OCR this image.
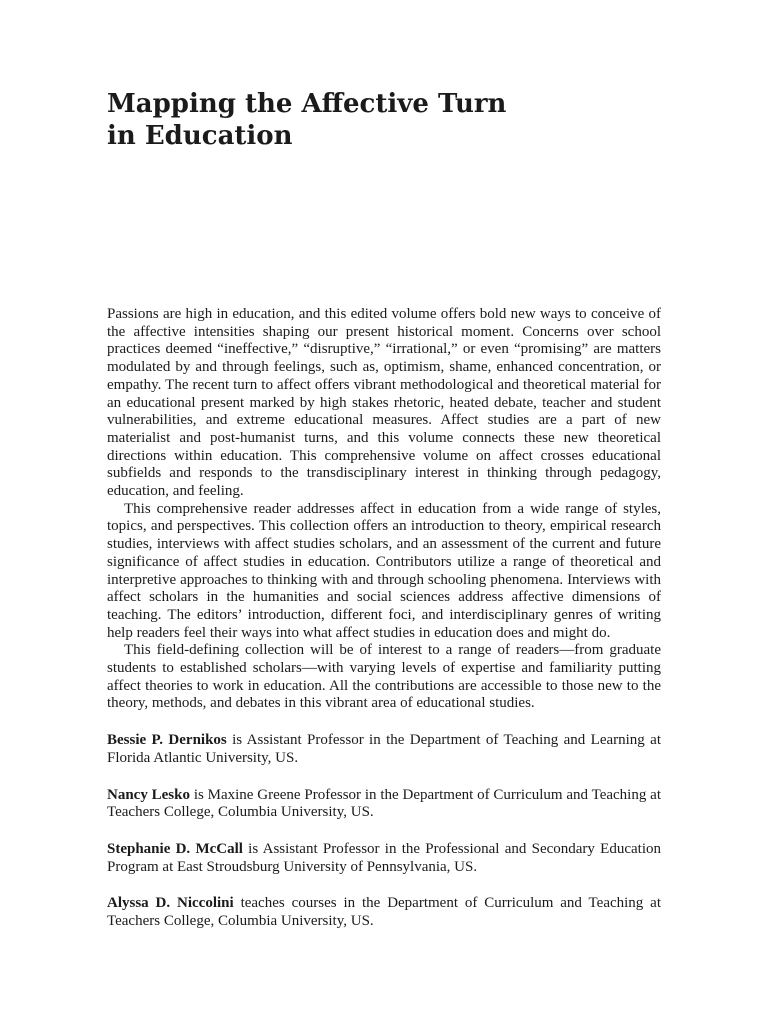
Mapping the Affective Turn
in Education

Passions are high in education, and this edited volume offers bold new ways to conceive of the affective intensities shaping our present historical moment. Concerns over school practices deemed “ineffective,” “disruptive,” “irrational,” or even “promising” are matters modulated by and through feelings, such as, optimism, shame, enhanced concentration, or empathy. The recent turn to affect offers vibrant methodological and theoretical material for an educational present marked by high stakes rhetoric, heated debate, teacher and student vulnerabilities, and extreme educational measures. Affect studies are a part of new materialist and post-humanist turns, and this volume connects these new theoretical directions within education. This comprehensive volume on affect crosses educational subfields and responds to the transdisciplinary interest in thinking through pedagogy, education, and feeling.

This comprehensive reader addresses affect in education from a wide range of styles, topics, and perspectives. This collection offers an introduction to theory, empirical research studies, interviews with affect studies scholars, and an assessment of the current and future significance of affect studies in education. Contributors utilize a range of theoretical and interpretive approaches to thinking with and through schooling phenomena. Interviews with affect scholars in the humanities and social sciences address affective dimensions of teaching. The editors’ introduction, different foci, and interdisciplinary genres of writing help readers feel their ways into what affect studies in education does and might do.

This field-defining collection will be of interest to a range of readers—from graduate students to established scholars—with varying levels of expertise and familiarity putting affect theories to work in education. All the contributions are accessible to those new to the theory, methods, and debates in this vibrant area of educational studies.

Bessie P. Dernikos is Assistant Professor in the Department of Teaching and Learning at Florida Atlantic University, US.

Nancy Lesko is Maxine Greene Professor in the Department of Curriculum and Teaching at Teachers College, Columbia University, US.

Stephanie D. McCall is Assistant Professor in the Professional and Secondary Education Program at East Stroudsburg University of Pennsylvania, US.

Alyssa D. Niccolini teaches courses in the Department of Curriculum and Teaching at Teachers College, Columbia University, US.
